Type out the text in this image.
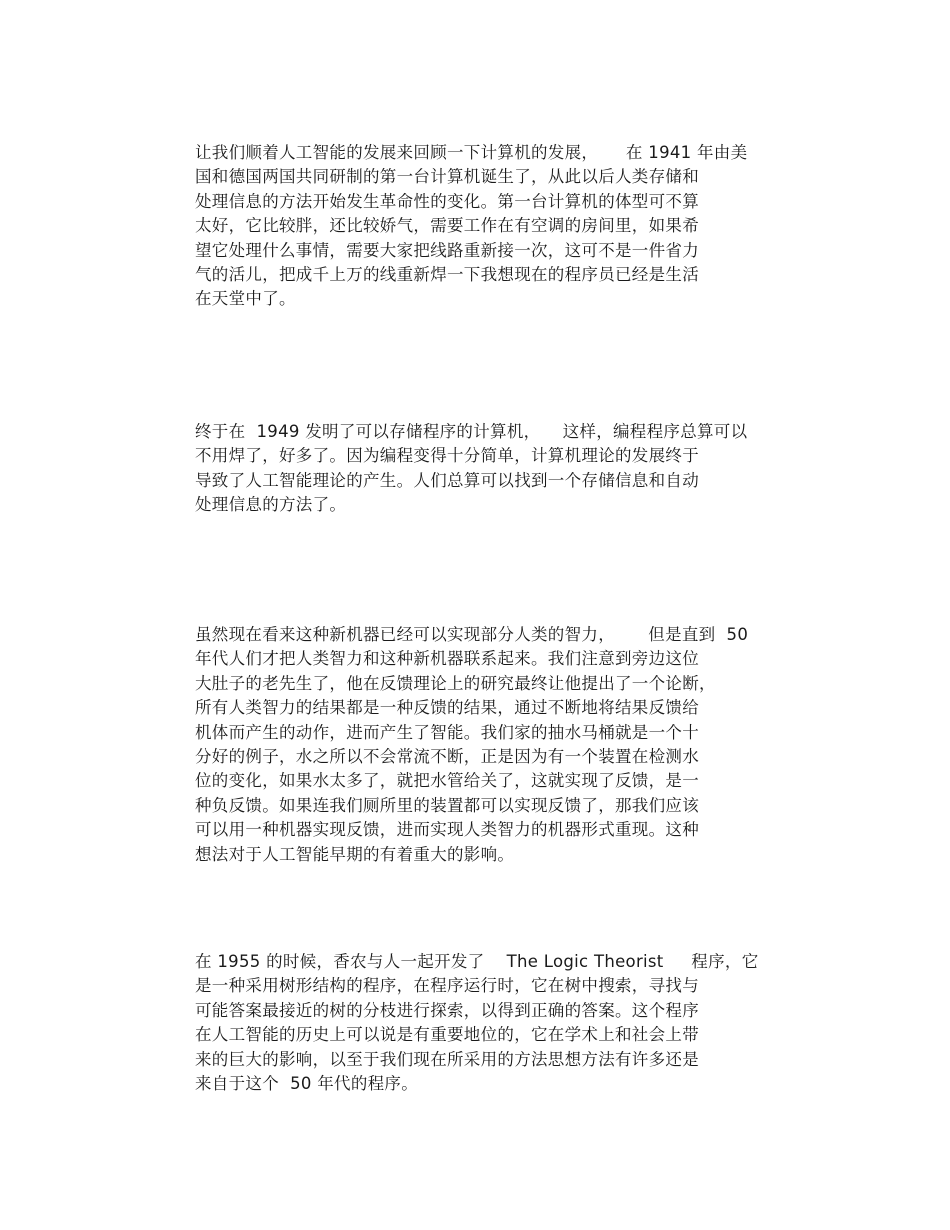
让我们顺着人工智能的发展来回顾一下计算机的发展，     在 1941 年由美
国和德国两国共同研制的第一台计算机诞生了，从此以后人类存储和
处理信息的方法开始发生革命性的变化。第一台计算机的体型可不算
太好，它比较胖，还比较娇气，需要工作在有空调的房间里，如果希
望它处理什么事情，需要大家把线路重新接一次，这可不是一件省力
气的活儿，把成千上万的线重新焊一下我想现在的程序员已经是生活
在天堂中了。

终于在  1949 发明了可以存储程序的计算机，    这样，编程程序总算可以
不用焊了，好多了。因为编程变得十分简单，计算机理论的发展终于
导致了人工智能理论的产生。人们总算可以找到一个存储信息和自动
处理信息的方法了。

虽然现在看来这种新机器已经可以实现部分人类的智力，      但是直到  50
年代人们才把人类智力和这种新机器联系起来。我们注意到旁边这位
大肚子的老先生了，他在反馈理论上的研究最终让他提出了一个论断，
所有人类智力的结果都是一种反馈的结果，通过不断地将结果反馈给
机体而产生的动作，进而产生了智能。我们家的抽水马桶就是一个十
分好的例子，水之所以不会常流不断，正是因为有一个装置在检测水
位的变化，如果水太多了，就把水管给关了，这就实现了反馈，是一
种负反馈。如果连我们厕所里的装置都可以实现反馈了，那我们应该
可以用一种机器实现反馈，进而实现人类智力的机器形式重现。这种
想法对于人工智能早期的有着重大的影响。

在 1955 的时候，香农与人一起开发了    The Logic Theorist     程序，它
是一种采用树形结构的程序，在程序运行时，它在树中搜索，寻找与
可能答案最接近的树的分枝进行探索，以得到正确的答案。这个程序
在人工智能的历史上可以说是有重要地位的，它在学术上和社会上带
来的巨大的影响，以至于我们现在所采用的方法思想方法有许多还是
来自于这个  50 年代的程序。
